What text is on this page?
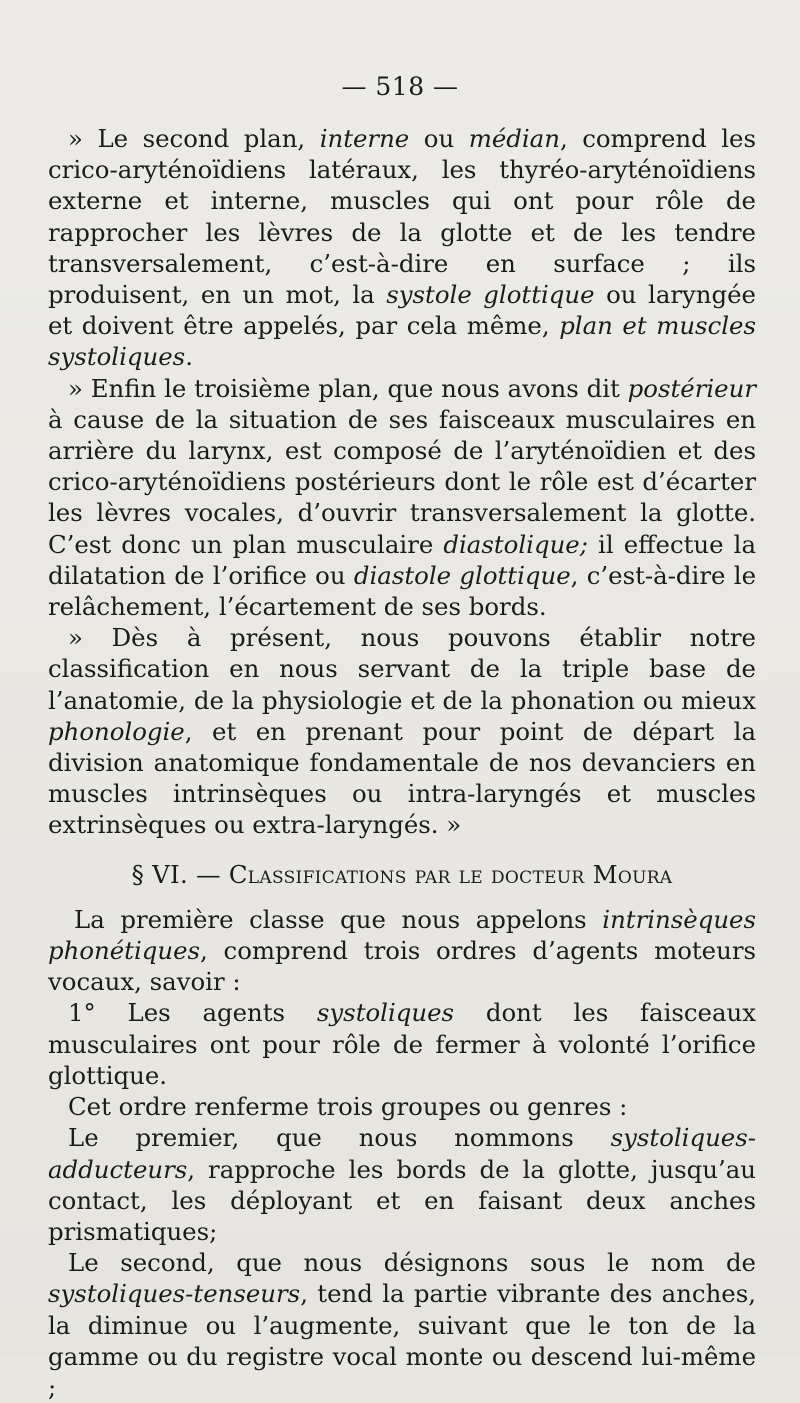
— 518 —

» Le second plan, interne ou médian, comprend les crico-aryténoïdiens latéraux, les thyréo-aryténoïdiens externe et interne, muscles qui ont pour rôle de rapprocher les lèvres de la glotte et de les tendre transversalement, c’est-à-dire en surface ; ils produisent, en un mot, la systole glottique ou laryngée et doivent être appelés, par cela même, plan et muscles systoliques.

» Enfin le troisième plan, que nous avons dit postérieur à cause de la situation de ses faisceaux musculaires en arrière du larynx, est composé de l’aryténoïdien et des crico-aryténoïdiens postérieurs dont le rôle est d’écarter les lèvres vocales, d’ouvrir transversalement la glotte. C’est donc un plan musculaire diastolique; il effectue la dilatation de l’orifice ou diastole glottique, c’est-à-dire le relâchement, l’écartement de ses bords.

» Dès à présent, nous pouvons établir notre classification en nous servant de la triple base de l’anatomie, de la physiologie et de la phonation ou mieux phonologie, et en prenant pour point de départ la division anatomique fondamentale de nos devanciers en muscles intrinsèques ou intra-laryngés et muscles extrinsèques ou extra-laryngés. »

§ VI. — Classifications par le docteur Moura

La première classe que nous appelons intrinsèques phonétiques, comprend trois ordres d’agents moteurs vocaux, savoir :

1° Les agents systoliques dont les faisceaux musculaires ont pour rôle de fermer à volonté l’orifice glottique.

Cet ordre renferme trois groupes ou genres :

Le premier, que nous nommons systoliques-adducteurs, rapproche les bords de la glotte, jusqu’au contact, les déployant et en faisant deux anches prismatiques;

Le second, que nous désignons sous le nom de systoliques-tenseurs, tend la partie vibrante des anches, la diminue ou l’augmente, suivant que le ton de la gamme ou du registre vocal monte ou descend lui-même ;
